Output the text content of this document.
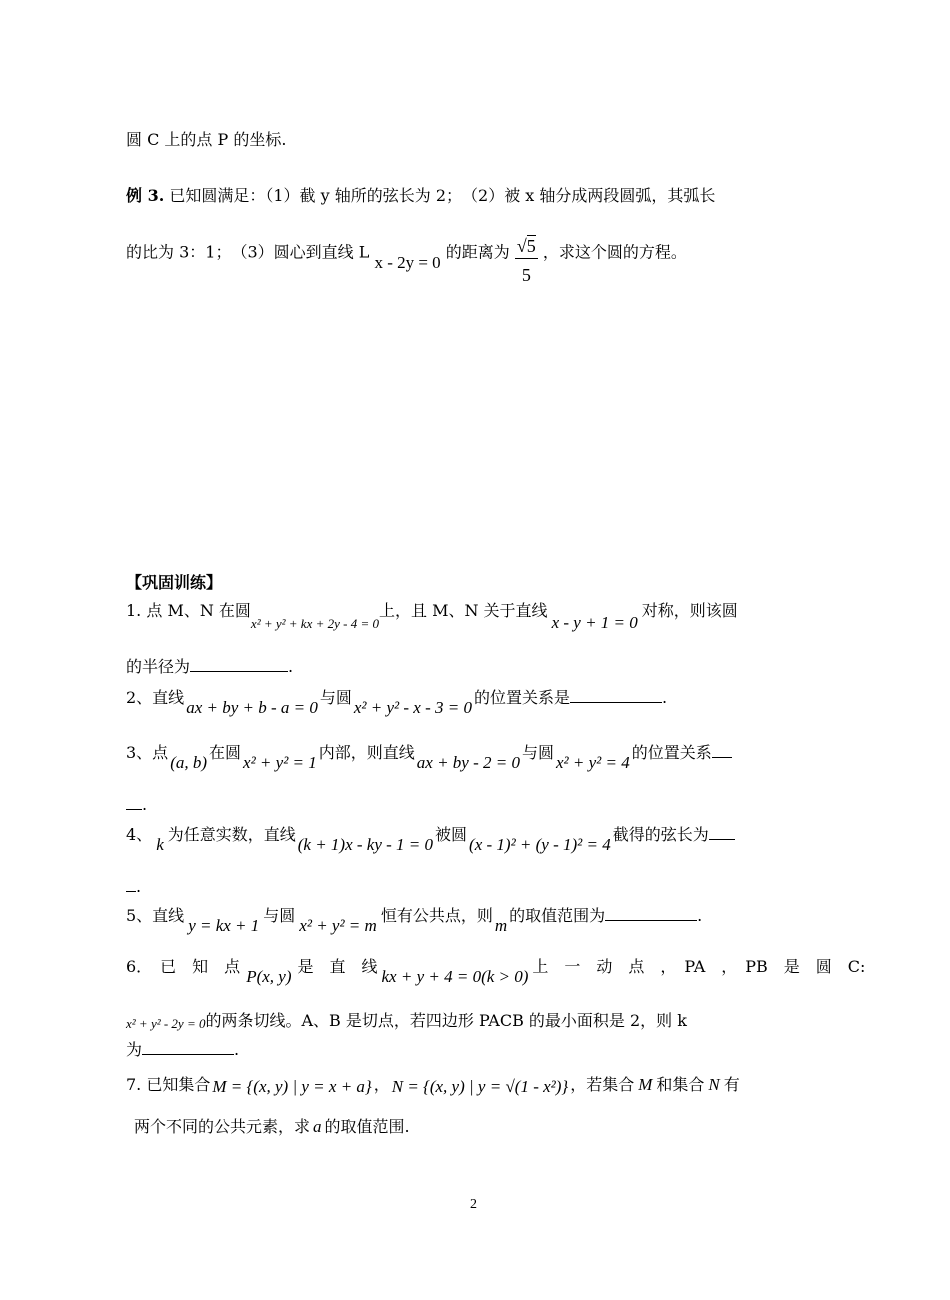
圆 C 上的点 P 的坐标.
例 3. 已知圆满足：（1）截 y 轴所的弦长为 2；　（2）被 x 轴分成两段圆弧，其弧长
的比为 3：1；　（3）圆心到直线 L x - 2y = 0 的距离为 $\frac{√5}{5}$ ，求这个圆的方程。
【巩固训练】
1. 点 M、N 在圆$_{x^2 + y^2 + kx + 2y - 4 = 0}$上，且 M、N 关于直线x - y + 1 = 0对称，则该圆
的半径为	.
2、直线ax + by + b - a = 0与圆x² + y² - x - 3 = 0的位置关系是	.
3、点(a, b)在圆x² + y² = 1内部，则直线ax + by - 2 = 0与圆x² + y² = 4的位置关系
.
4、k为任意实数，直线(k + 1)x - ky - 1 = 0被圆(x - 1)² + (y - 1)² = 4截得的弦长为
.
5、直线y = kx + 1与圆x² + y² = m恒有公共点，则m的取值范围为	.
6．　已　知　点P(x, y)是　直　线kx + y + 4 = 0(k > 0)上　一　动　点　，　PA　，　PB　是　圆　C:
x² + y² - 2y = 0的两条切线。A、B 是切点，若四边形 PACB 的最小面积是 2，则 k
为	.
7. 已知集合 M = {(x, y) | y = x + a} ， N = {(x, y) | y = √(1 - x²)} ，若集合 M 和集合 N 有
两个不同的公共元素，求 a 的取值范围.
2
